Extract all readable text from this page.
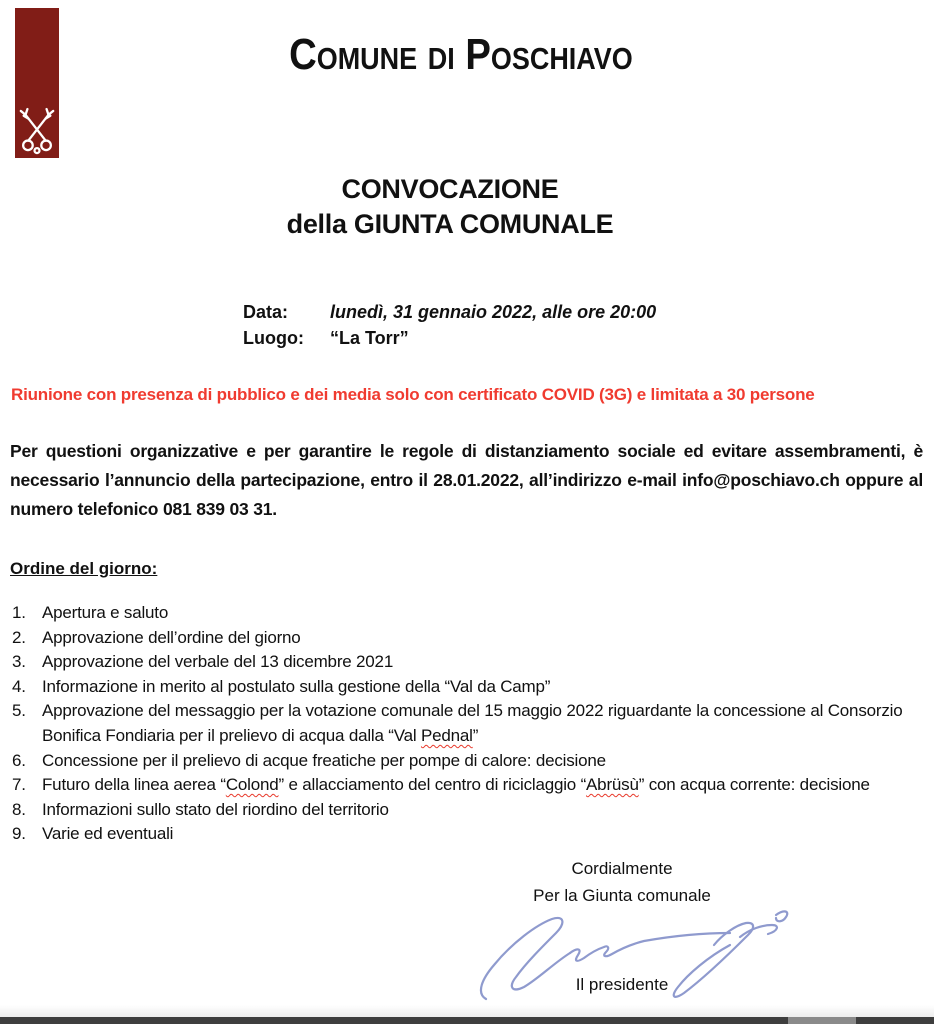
Comune di Poschiavo
CONVOCAZIONE
della GIUNTA COMUNALE
Data: lunedì, 31 gennaio 2022, alle ore 20:00
Luogo: “La Torr”
Riunione con presenza di pubblico e dei media solo con certificato COVID (3G) e limitata a 30 persone

Per questioni organizzative e per garantire le regole di distanziamento sociale ed evitare assembramenti, è necessario l’annuncio della partecipazione, entro il 28.01.2022, all’indirizzo e-mail info@poschiavo.ch oppure al numero telefonico 081 839 03 31.

Ordine del giorno:
1. Apertura e saluto
2. Approvazione dell’ordine del giorno
3. Approvazione del verbale del 13 dicembre 2021
4. Informazione in merito al postulato sulla gestione della “Val da Camp”
5. Approvazione del messaggio per la votazione comunale del 15 maggio 2022 riguardante la concessione al Consorzio Bonifica Fondiaria per il prelievo di acqua dalla “Val Pednal”
6. Concessione per il prelievo di acque freatiche per pompe di calore: decisione
7. Futuro della linea aerea “Colond” e allacciamento del centro di riciclaggio “Abrüsù” con acqua corrente: decisione
8. Informazioni sullo stato del riordino del territorio
9. Varie ed eventuali
Cordialmente
Per la Giunta comunale
Il presidente
